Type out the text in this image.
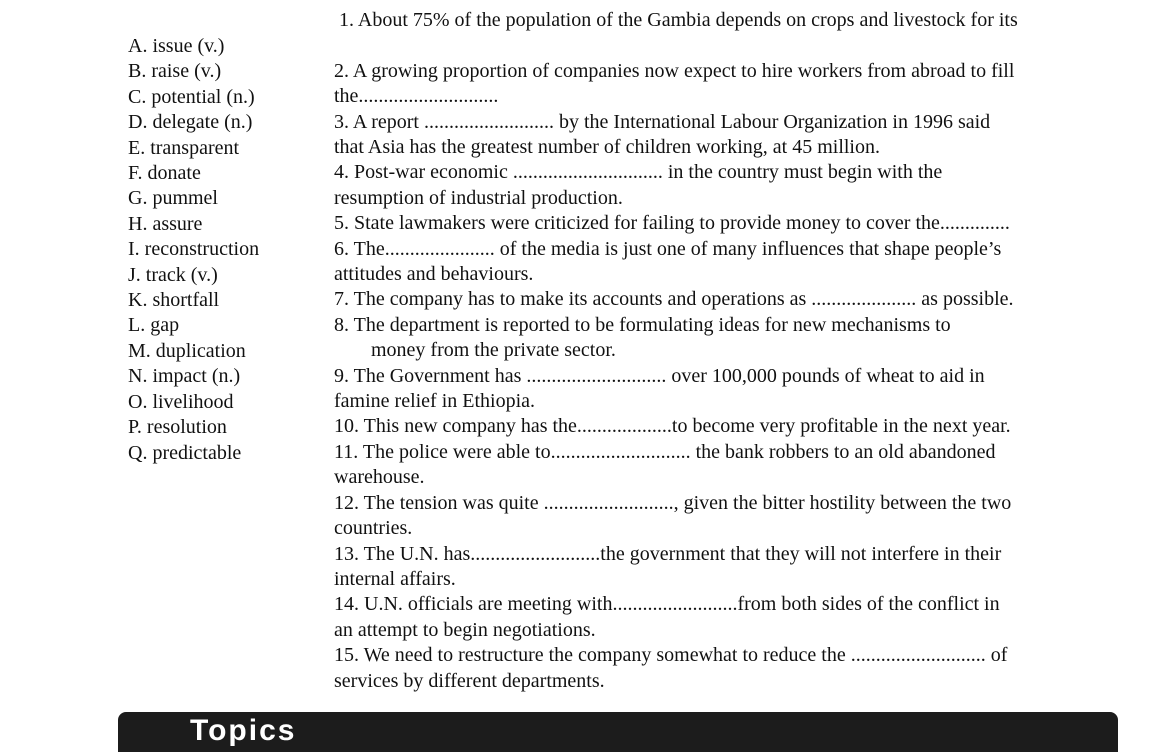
A. issue (v.)
B. raise (v.)
C. potential (n.)
D. delegate (n.)
E. transparent
F. donate
G. pummel
H. assure
I. reconstruction
J. track (v.)
K. shortfall
L. gap
M. duplication
N. impact (n.)
O. livelihood
P. resolution
Q. predictable
1. About 75% of the population of the Gambia depends on crops and livestock for its
2. A growing proportion of companies now expect to hire workers from abroad to fill
the............................
3. A report .......................... by the International Labour Organization in 1996 said
that Asia has the greatest number of children working, at 45 million.
4. Post-war economic .............................. in the country must begin with the
resumption of industrial production.
5. State lawmakers were criticized for failing to provide money to cover the..............
6. The...................... of the media is just one of many influences that shape people’s
attitudes and behaviours.
7. The company has to make its accounts and operations as ..................... as possible.
8. The department is reported to be formulating ideas for new mechanisms to
money from the private sector.
9. The Government has ............................ over 100,000 pounds of wheat to aid in
famine relief in Ethiopia.
10. This new company has the...................to become very profitable in the next year.
11. The police were able to............................ the bank robbers to an old abandoned
warehouse.
12. The tension was quite .........................., given the bitter hostility between the two
countries.
13. The U.N. has..........................the government that they will not interfere in their
internal affairs.
14. U.N. officials are meeting with.........................from both sides of the conflict in
an attempt to begin negotiations.
15. We need to restructure the company somewhat to reduce the ........................... of
services by different departments.
Topics
